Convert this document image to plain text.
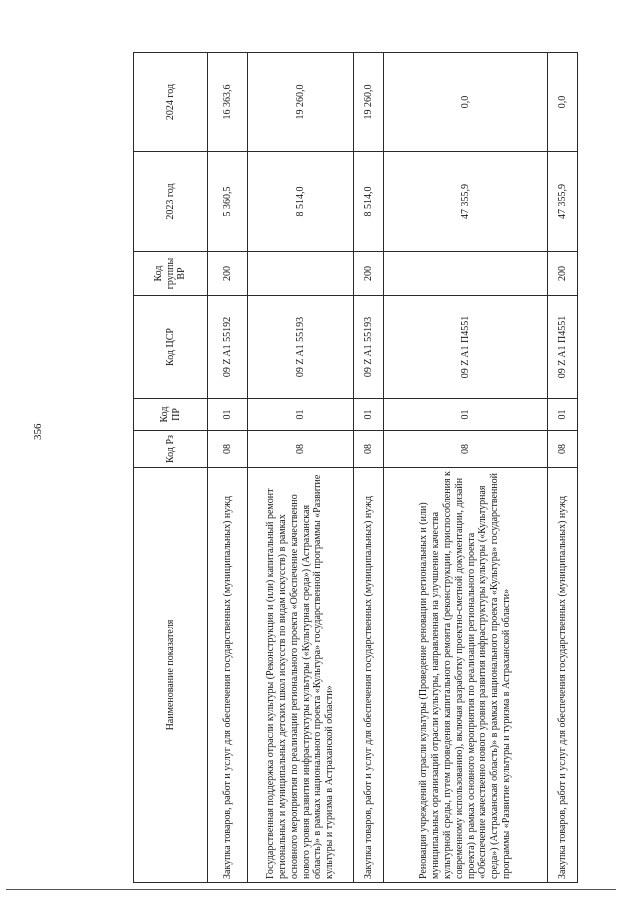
356
Наименование показателя	Код Рз	Код ПР	Код ЦСР	Код группы ВР	2023 год	2024 год
Закупка товаров, работ и услуг для обеспечения государственных (муниципальных) нужд	08	01	09 Z A1 55192	200	5 360,5	16 363,6
Государственная поддержка отрасли культуры (Реконструкция и (или) капитальный ремонт региональных и муниципальных детских школ искусств по видам искусств) в рамках основного мероприятия по реализации регионального проекта «Обеспечение качественно нового уровня развития инфраструктуры культуры («Культурная среда») (Астраханская область)» в рамках национального проекта «Культура» государственной программы «Развитие культуры и туризма в Астраханской области»	08	01	09 Z A1 55193		8 514,0	19 260,0
Закупка товаров, работ и услуг для обеспечения государственных (муниципальных) нужд	08	01	09 Z A1 55193	200	8 514,0	19 260,0
Реновация учреждений отрасли культуры (Проведение реновации региональных и (или) муниципальных организаций отрасли культуры, направленная на улучшение качества культурной среды, путем проведения капитального ремонта (реконструкции, приспособления к современному использованию), включая разработку проектно-сметной документации, дизайн проекта) в рамках основного мероприятия по реализации регионального проекта «Обеспечение качественно нового уровня развития инфраструктуры культуры («Культурная среда») (Астраханская область)» в рамках национального проекта «Культура» государственной программы «Развитие культуры и туризма в Астраханской области»	08	01	09 Z A1 П4551		47 355,9	0,0
Закупка товаров, работ и услуг для обеспечения государственных (муниципальных) нужд	08	01	09 Z A1 П4551	200	47 355,9	0,0
